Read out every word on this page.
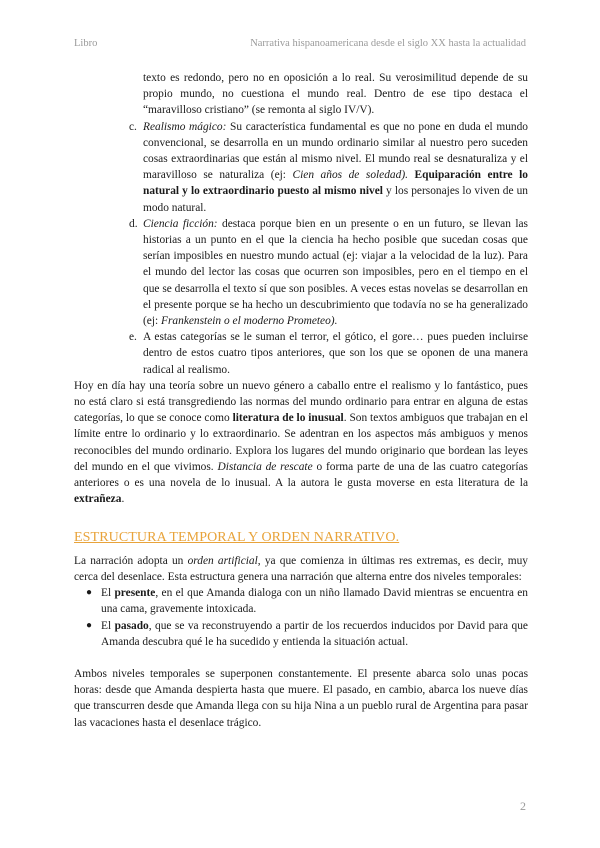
Libro	Narrativa hispanoamericana desde el siglo XX hasta la actualidad

texto es redondo, pero no en oposición a lo real. Su verosimilitud depende de su propio mundo, no cuestiona el mundo real. Dentro de ese tipo destaca el “maravilloso cristiano” (se remonta al siglo IV/V).

c. Realismo mágico: Su característica fundamental es que no pone en duda el mundo convencional, se desarrolla en un mundo ordinario similar al nuestro pero suceden cosas extraordinarias que están al mismo nivel. El mundo real se desnaturaliza y el maravilloso se naturaliza (ej: Cien años de soledad). Equiparación entre lo natural y lo extraordinario puesto al mismo nivel y los personajes lo viven de un modo natural.
d. Ciencia ficción: destaca porque bien en un presente o en un futuro, se llevan las historias a un punto en el que la ciencia ha hecho posible que sucedan cosas que serían imposibles en nuestro mundo actual (ej: viajar a la velocidad de la luz). Para el mundo del lector las cosas que ocurren son imposibles, pero en el tiempo en el que se desarrolla el texto sí que son posibles. A veces estas novelas se desarrollan en el presente porque se ha hecho un descubrimiento que todavía no se ha generalizado (ej: Frankenstein o el moderno Prometeo).
e. A estas categorías se le suman el terror, el gótico, el gore… pues pueden incluirse dentro de estos cuatro tipos anteriores, que son los que se oponen de una manera radical al realismo.

Hoy en día hay una teoría sobre un nuevo género a caballo entre el realismo y lo fantástico, pues no está claro si está transgrediendo las normas del mundo ordinario para entrar en alguna de estas categorías, lo que se conoce como literatura de lo inusual. Son textos ambiguos que trabajan en el límite entre lo ordinario y lo extraordinario. Se adentran en los aspectos más ambiguos y menos reconocibles del mundo ordinario. Explora los lugares del mundo originario que bordean las leyes del mundo en el que vivimos. Distancia de rescate o forma parte de una de las cuatro categorías anteriores o es una novela de lo inusual. A la autora le gusta moverse en esta literatura de la extrañeza.

ESTRUCTURA TEMPORAL Y ORDEN NARRATIVO.

La narración adopta un orden artificial, ya que comienza in últimas res extremas, es decir, muy cerca del desenlace. Esta estructura genera una narración que alterna entre dos niveles temporales:

● El presente, en el que Amanda dialoga con un niño llamado David mientras se encuentra en una cama, gravemente intoxicada.
● El pasado, que se va reconstruyendo a partir de los recuerdos inducidos por David para que Amanda descubra qué le ha sucedido y entienda la situación actual.

Ambos niveles temporales se superponen constantemente. El presente abarca solo unas pocas horas: desde que Amanda despierta hasta que muere. El pasado, en cambio, abarca los nueve días que transcurren desde que Amanda llega con su hija Nina a un pueblo rural de Argentina para pasar las vacaciones hasta el desenlace trágico.

2
